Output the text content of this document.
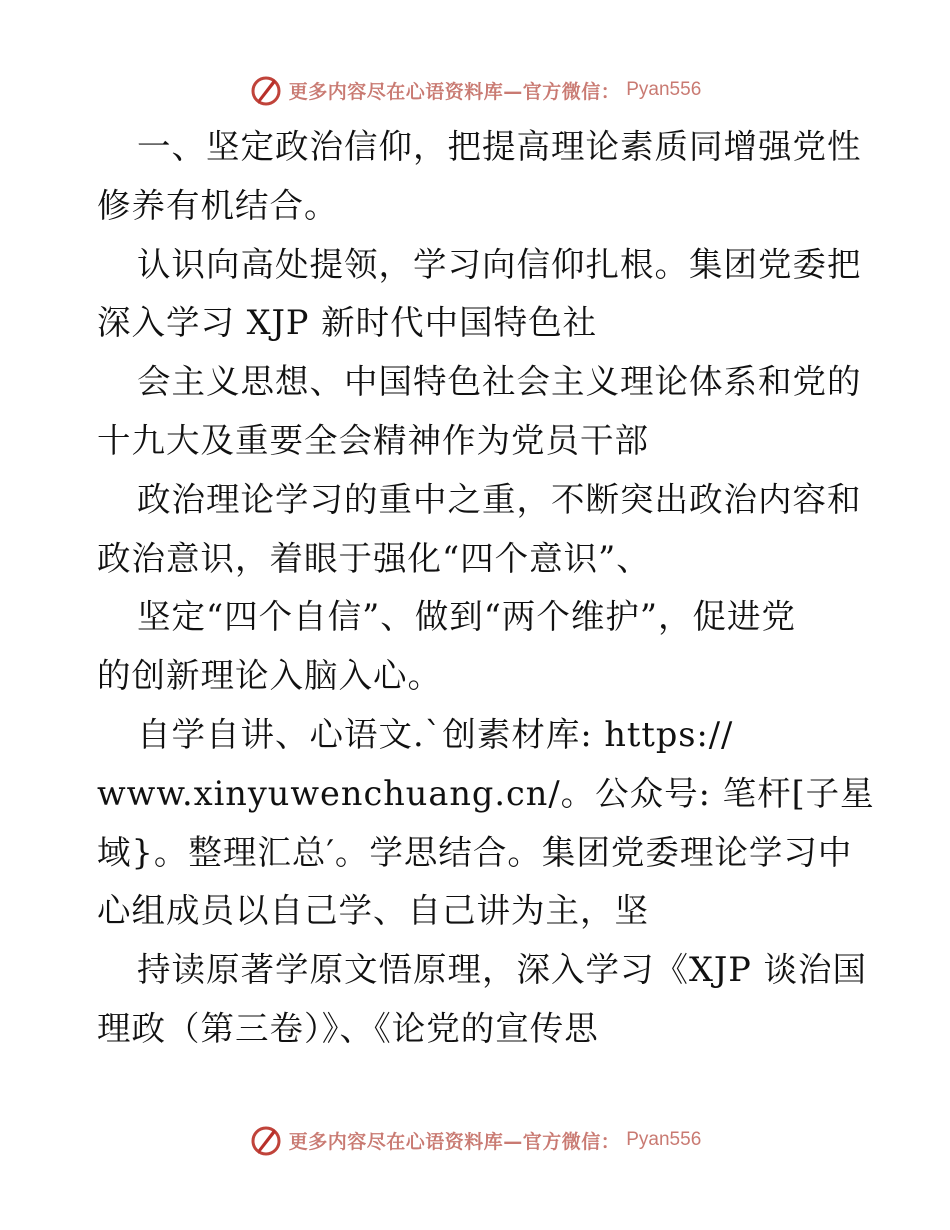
更多内容尽在心语资料库—官方微信： Pyan556
一、坚定政治信仰，把提高理论素质同增强党性
修养有机结合。
认识向高处提领，学习向信仰扎根。集团党委把
深入学习 XJP 新时代中国特色社
会主义思想、中国特色社会主义理论体系和党的
十九大及重要全会精神作为党员干部
政治理论学习的重中之重，不断突出政治内容和
政治意识，着眼于强化“四个意识”、
坚定“四个自信”、做到“两个维护”，促进党
的创新理论入脑入心。
自学自讲、心语文.`创素材库: https://
www.xinyuwenchuang.cn/。公众号: 笔杆[子星
域}。整理汇总′。学思结合。集团党委理论学习中
心组成员以自己学、自己讲为主，坚
持读原著学原文悟原理，深入学习《XJP 谈治国
理政（第三卷）》、《论党的宣传思
更多内容尽在心语资料库—官方微信： Pyan556
